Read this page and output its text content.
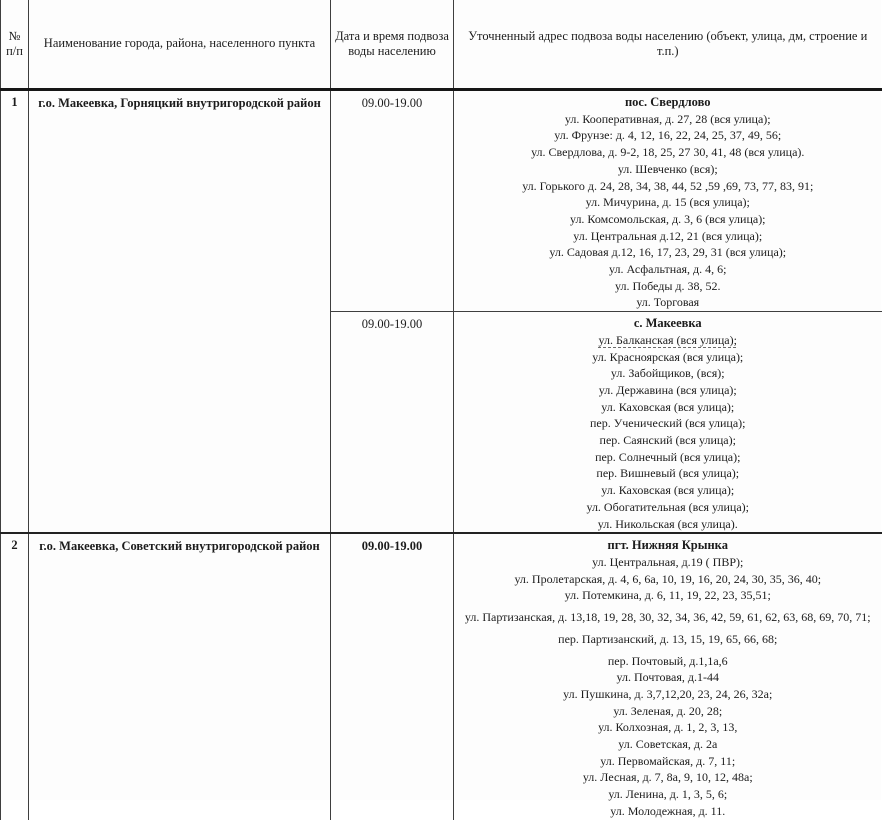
№ п/п	Наименование города, района, населенного пункта	Дата и время подвоза воды населению	Уточненный адрес подвоза воды населению (объект, улица, дм, строение и т.п.)
1	г.о. Макеевка, Горняцкий внутригородской район	09.00-19.00	пос. Свердлово
ул. Кооперативная, д. 27, 28 (вся улица);
ул. Фрунзе: д. 4, 12, 16, 22, 24, 25, 37, 49, 56;
ул. Свердлова, д. 9-2, 18, 25, 27 30, 41, 48 (вся улица).
ул. Шевченко (вся);
ул. Горького д. 24, 28, 34, 38, 44, 52 ,59 ,69, 73, 77, 83, 91;
ул. Мичурина, д. 15 (вся улица);
ул. Комсомольская, д. 3, 6 (вся улица);
ул. Центральная д.12, 21 (вся улица);
ул. Садовая д.12, 16, 17, 23, 29, 31 (вся улица);
ул. Асфальтная, д. 4, 6;
ул. Победы д. 38, 52.
ул. Торговая

09.00-19.00	с. Макеевка
ул. Балканская (вся улица);
ул. Красноярская (вся улица);
ул. Забойщиков, (вся);
ул. Державина (вся улица);
ул. Каховская (вся улица);
пер. Ученический (вся улица);
пер. Саянский (вся улица);
пер. Солнечный (вся улица);
пер. Вишневый (вся улица);
ул. Каховская (вся улица);
ул. Обогатительная (вся улица);
ул. Никольская (вся улица).

2	г.о. Макеевка, Советский внутригородской район	09.00-19.00	пгт. Нижняя Крынка
ул. Центральная, д.19 ( ПВР);
ул. Пролетарская, д. 4, 6, 6а, 10, 19, 16, 20, 24, 30, 35, 36, 40;
ул. Потемкина, д. 6, 11, 19, 22, 23, 35,51;
ул. Партизанская, д. 13,18, 19, 28, 30, 32, 34, 36, 42, 59, 61, 62, 63, 68, 69, 70, 71;
пер. Партизанский, д. 13, 15, 19, 65, 66, 68;
пер. Почтовый, д.1,1а,6
ул. Почтовая, д.1-44
ул. Пушкина, д. 3,7,12,20, 23, 24, 26, 32а;
ул. Зеленая, д. 20, 28;
ул. Колхозная, д. 1, 2, 3, 13,
ул. Советская, д. 2а
ул. Первомайская, д. 7, 11;
ул. Лесная, д. 7, 8а, 9, 10, 12, 48а;
ул. Ленина, д. 1, 3, 5, 6;
ул. Молодежная, д. 11.
